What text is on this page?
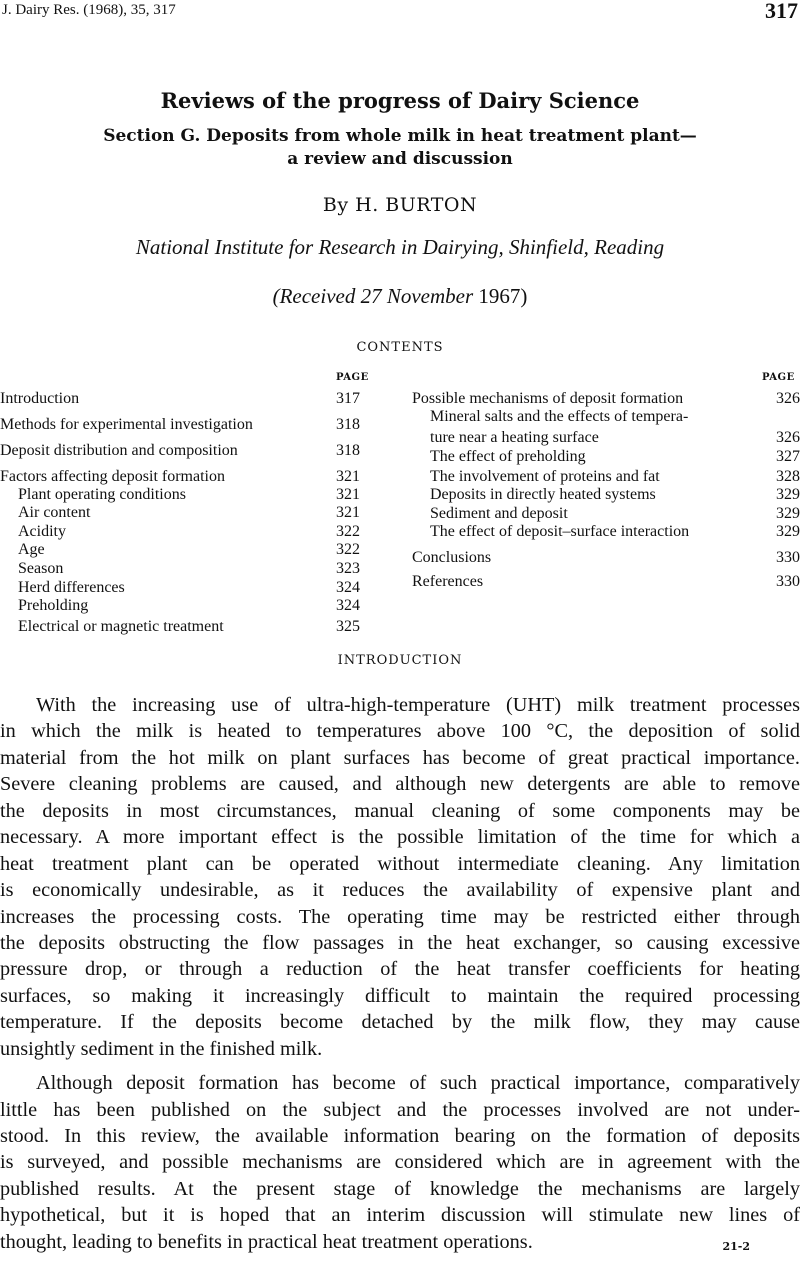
J. Dairy Res. (1968), 35, 317	317
Reviews of the progress of Dairy Science
Section G. Deposits from whole milk in heat treatment plant—
a review and discussion
By H. BURTON
National Institute for Research in Dairying, Shinfield, Reading
(Received 27 November 1967)
CONTENTS
PAGE	PAGE
Introduction	317
Methods for experimental investigation	318
Deposit distribution and composition	318
Factors affecting deposit formation	321
Plant operating conditions	321
Air content	321
Acidity	322
Age	322
Season	323
Herd differences	324
Preholding	324
Electrical or magnetic treatment	325
Possible mechanisms of deposit formation	326
Mineral salts and the effects of tempera-
ture near a heating surface	326
The effect of preholding	327
The involvement of proteins and fat	328
Deposits in directly heated systems	329
Sediment and deposit	329
The effect of deposit–surface interaction	329
Conclusions	330
References	330
INTRODUCTION
With the increasing use of ultra-high-temperature (UHT) milk treatment processes
in which the milk is heated to temperatures above 100 °C, the deposition of solid
material from the hot milk on plant surfaces has become of great practical importance.
Severe cleaning problems are caused, and although new detergents are able to remove
the deposits in most circumstances, manual cleaning of some components may be
necessary. A more important effect is the possible limitation of the time for which a
heat treatment plant can be operated without intermediate cleaning. Any limitation
is economically undesirable, as it reduces the availability of expensive plant and
increases the processing costs. The operating time may be restricted either through
the deposits obstructing the flow passages in the heat exchanger, so causing excessive
pressure drop, or through a reduction of the heat transfer coefficients for heating
surfaces, so making it increasingly difficult to maintain the required processing
temperature. If the deposits become detached by the milk flow, they may cause
unsightly sediment in the finished milk.
Although deposit formation has become of such practical importance, comparatively
little has been published on the subject and the processes involved are not under-
stood. In this review, the available information bearing on the formation of deposits
is surveyed, and possible mechanisms are considered which are in agreement with the
published results. At the present stage of knowledge the mechanisms are largely
hypothetical, but it is hoped that an interim discussion will stimulate new lines of
thought, leading to benefits in practical heat treatment operations.	21-2
